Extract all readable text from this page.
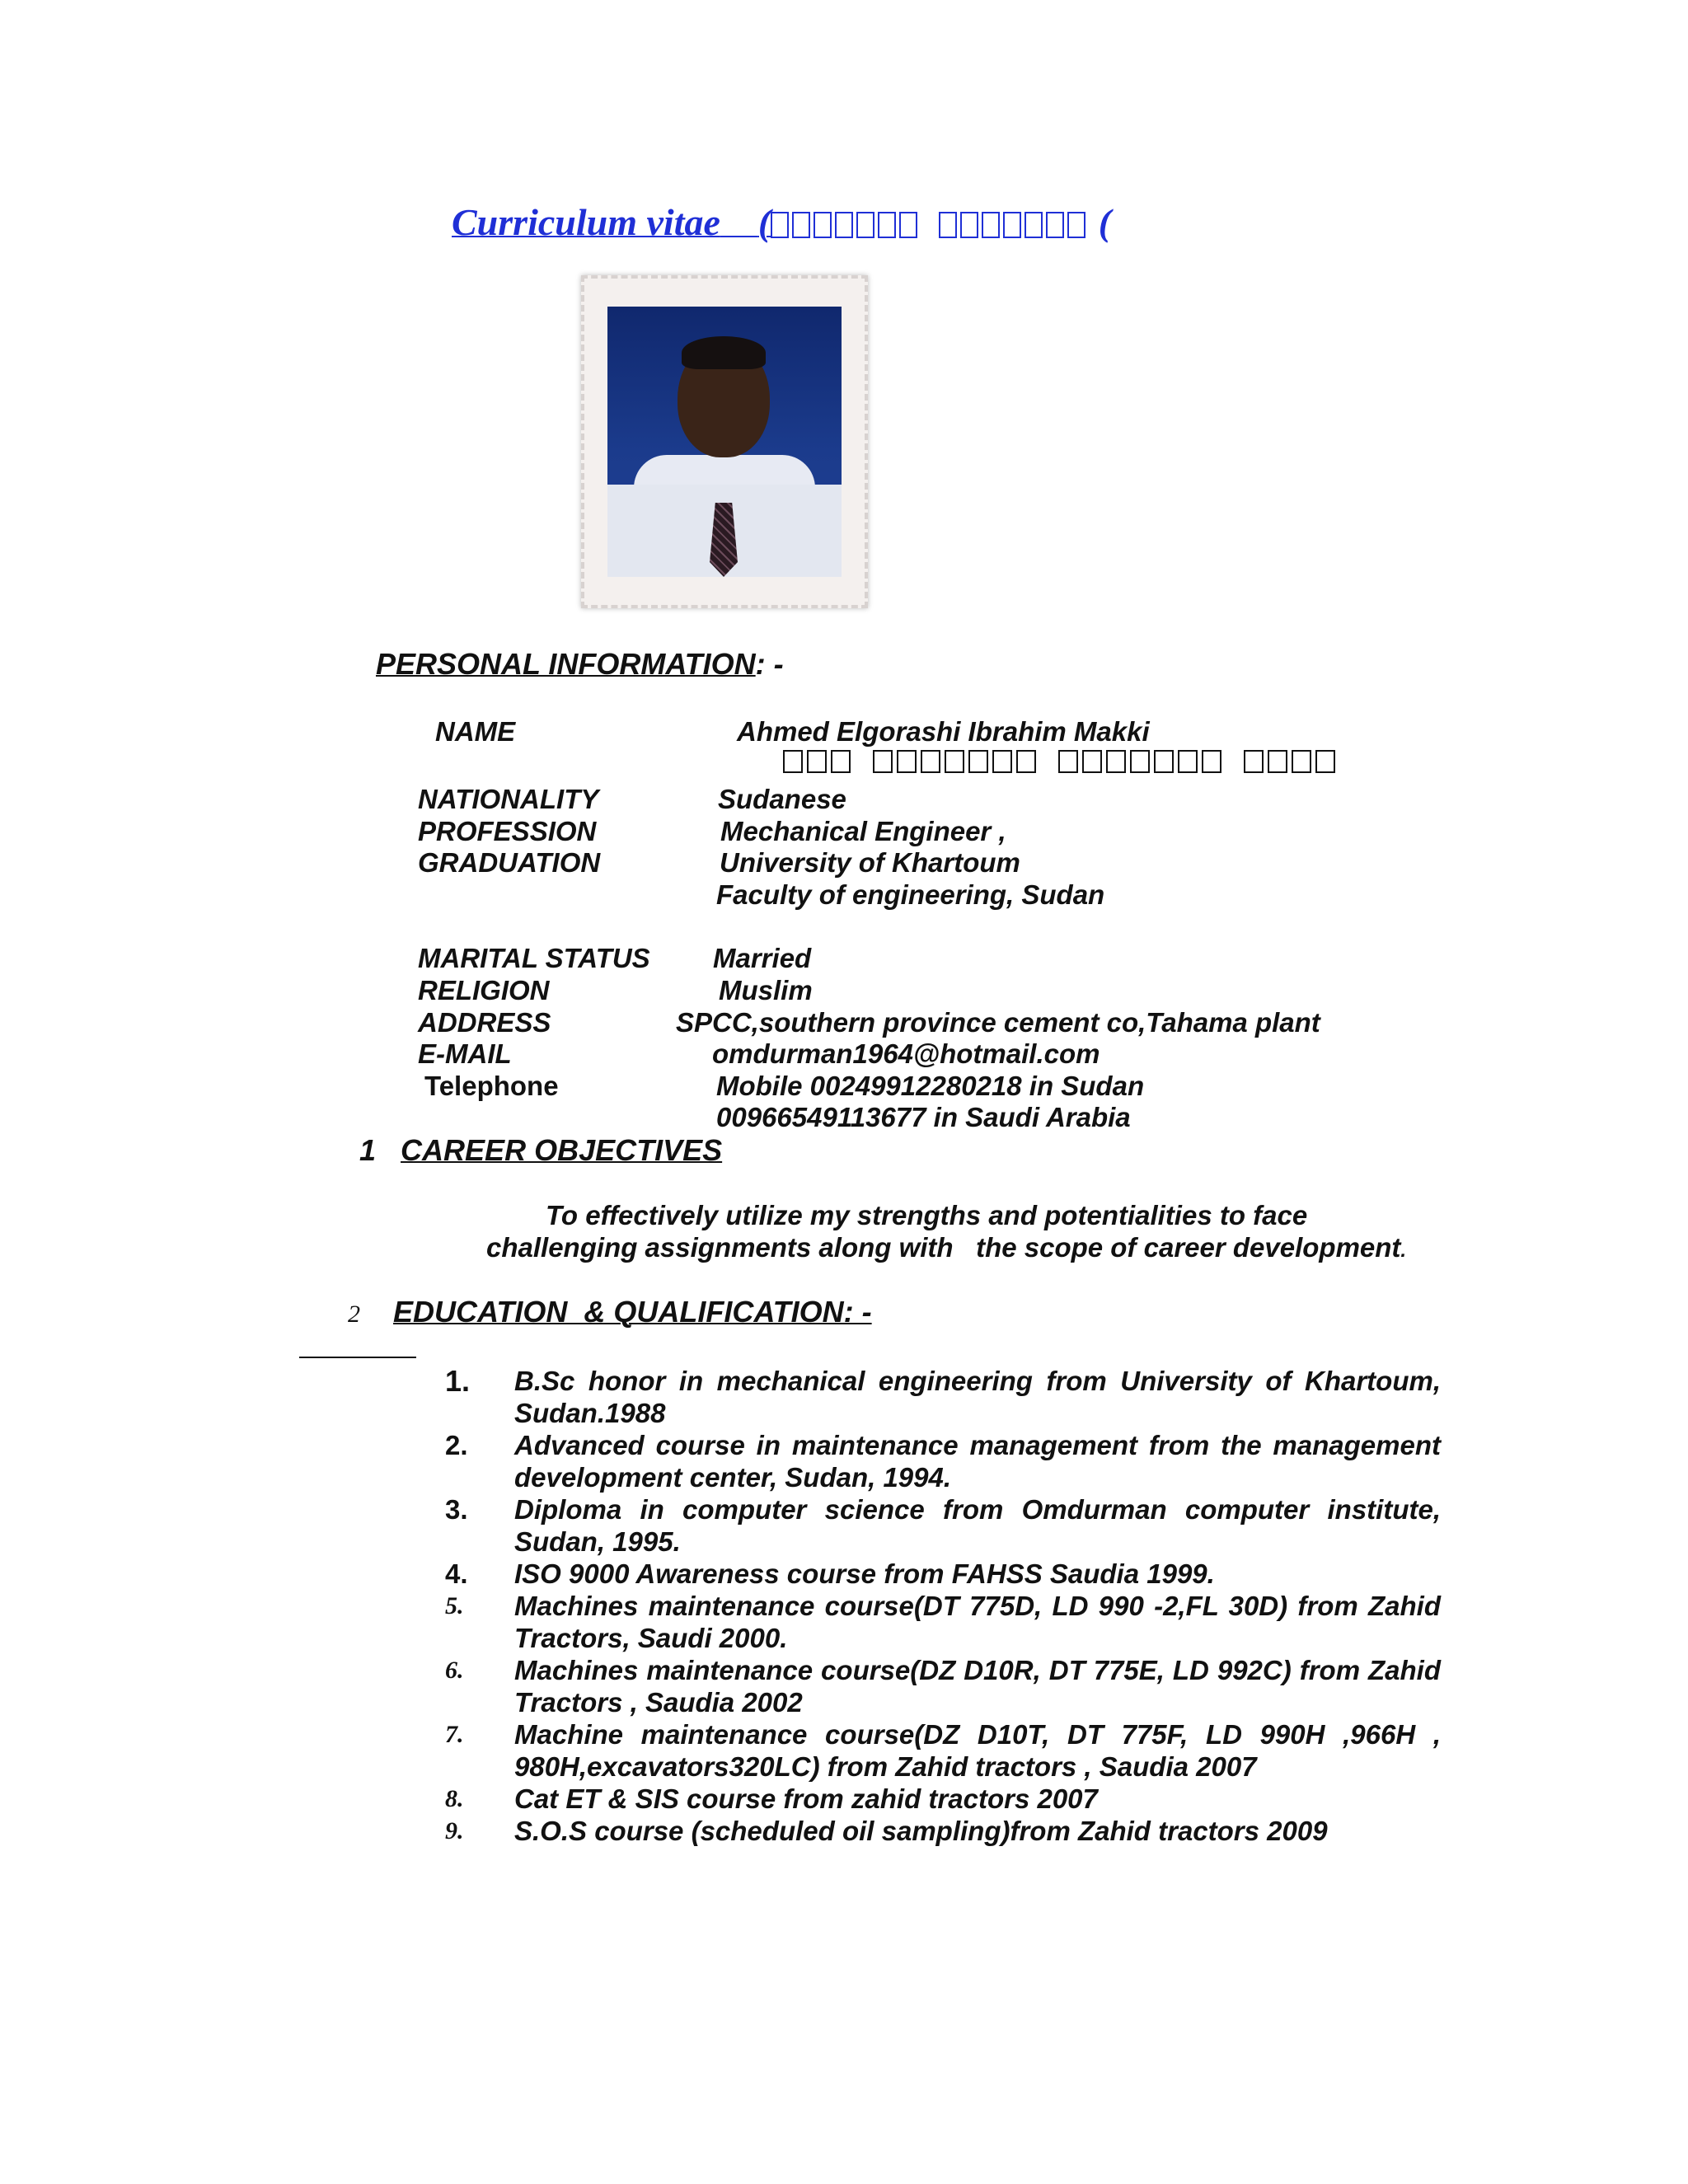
Curriculum vitae (	(
PERSONAL INFORMATION: -
NAME	Ahmed Elgorashi Ibrahim Makki
NATIONALITY	Sudanese
PROFESSION	Mechanical Engineer ,
GRADUATION	University of Khartoum
Faculty of engineering, Sudan
MARITAL STATUS Married
RELIGION	Muslim
ADDRESS	SPCC,southern province cement co,Tahama plant
E-MAIL	omdurman1964@hotmail.com
Telephone	Mobile 00249912280218 in Sudan
00966549113677 in Saudi Arabia
1 CAREER OBJECTIVES
To effectively utilize my strengths and potentialities to face
challenging assignments along with   the scope of career development.
2 EDUCATION  & QUALIFICATION: -
1.	B.Sc honor in mechanical engineering from University of Khartoum, Sudan.1988
2.	Advanced course in maintenance management from the management development center, Sudan, 1994.
3.	Diploma in computer science from Omdurman computer institute, Sudan, 1995.
4.	ISO 9000 Awareness course from FAHSS Saudia 1999.
5.	Machines maintenance course(DT 775D, LD 990 -2,FL 30D) from Zahid Tractors, Saudi 2000.
6.	Machines maintenance course(DZ D10R, DT 775E, LD 992C) from Zahid Tractors , Saudia 2002
7.	Machine maintenance course(DZ D10T, DT 775F, LD 990H ,966H , 980H,excavators320LC) from Zahid tractors , Saudia 2007
8.	Cat ET & SIS course from zahid tractors 2007
9.	S.O.S course (scheduled oil sampling)from Zahid tractors 2009
